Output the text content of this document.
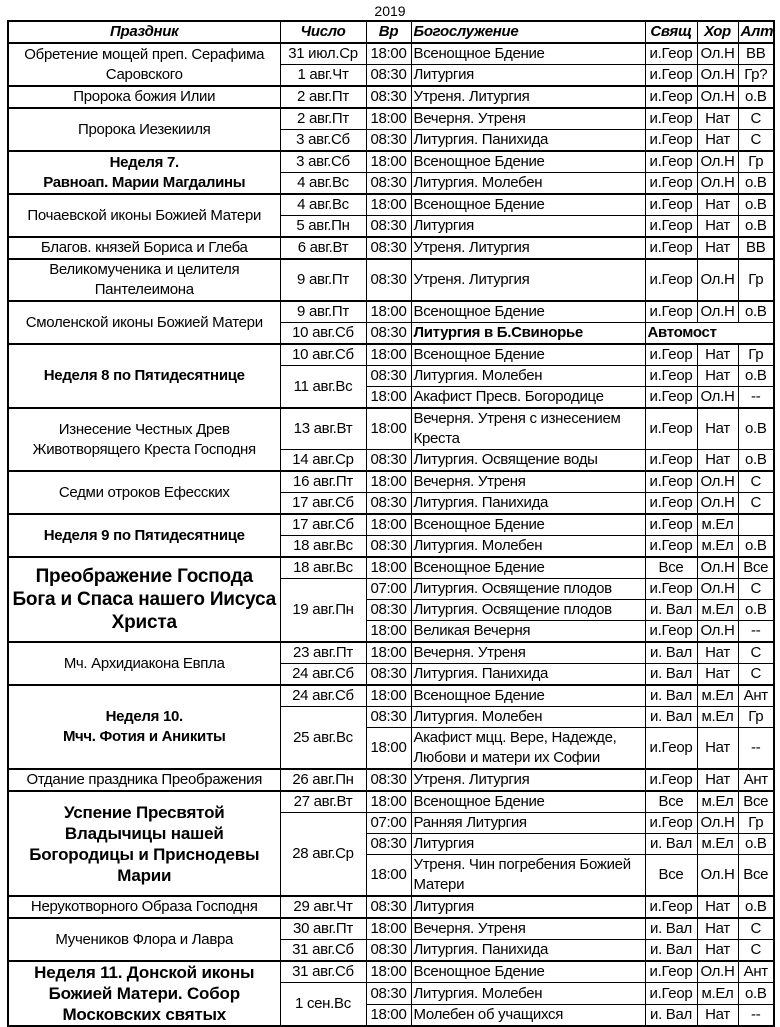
2019
Праздник	Число	Вр	Богослужение	Свящ	Хор	Алт

Обретение мощей преп. Серафима Саровского	31 июл.Ср	18:00	Всенощное Бдение	и.Геор	Ол.Н	ВВ
	1 авг.Чт	08:30	Литургия	и.Геор	Ол.Н	Гр?

Пророка божия Илии	2 авг.Пт	08:30	Утреня. Литургия	и.Геор	Ол.Н	о.В

Пророка Иезекииля	2 авг.Пт	18:00	Вечерня. Утреня	и.Геор	Нат	С
	3 авг.Сб	08:30	Литургия. Панихида	и.Геор	Нат	С

Неделя 7.
Равноап. Марии Магдалины	3 авг.Сб	18:00	Всенощное Бдение	и.Геор	Ол.Н	Гр
	4 авг.Вс	08:30	Литургия. Молебен	и.Геор	Ол.Н	о.В

Почаевской иконы Божией Матери	4 авг.Вс	18:00	Всенощное Бдение	и.Геор	Нат	о.В
	5 авг.Пн	08:30	Литургия	и.Геор	Нат	о.В

Благов. князей Бориса и Глеба	6 авг.Вт	08:30	Утреня. Литургия	и.Геор	Нат	ВВ

Великомученика и целителя
Пантелеимона	9 авг.Пт	08:30	Утреня. Литургия	и.Геор	Ол.Н	Гр

Смоленской иконы Божией Матери	9 авг.Пт	18:00	Всенощное Бдение	и.Геор	Ол.Н	о.В
	10 авг.Сб	08:30	Литургия в Б.Свинорье	Автомост		

Неделя 8 по Пятидесятнице	10 авг.Сб	18:00	Всенощное Бдение	и.Геор	Нат	Гр
	11 авг.Вс	08:30	Литургия. Молебен	и.Геор	Нат	о.В
		18:00	Акафист Пресв. Богородице	и.Геор	Ол.Н	--

Изнесение Честных Древ
Животворящего Креста Господня	13 авг.Вт	18:00	Вечерня. Утреня с изнесением Креста	и.Геор	Нат	о.В
	14 авг.Ср	08:30	Литургия. Освящение воды	и.Геор	Нат	о.В

Седми отроков Ефесских	16 авг.Пт	18:00	Вечерня. Утреня	и.Геор	Ол.Н	С
	17 авг.Сб	08:30	Литургия. Панихида	и.Геор	Ол.Н	С

Неделя 9 по Пятидесятнице	17 авг.Сб	18:00	Всенощное Бдение	и.Геор	м.Ел	
	18 авг.Вс	08:30	Литургия. Молебен	и.Геор	м.Ел	о.В

Преображение Господа
Бога и Спаса нашего Иисуса
Христа	18 авг.Вс	18:00	Всенощное Бдение	Все	Ол.Н	Все
	19 авг.Пн	07:00	Литургия. Освящение плодов	и.Геор	Ол.Н	С
		08:30	Литургия. Освящение плодов	и. Вал	м.Ел	о.В
		18:00	Великая Вечерня	и.Геор	Ол.Н	--

Мч. Архидиакона Евпла	23 авг.Пт	18:00	Вечерня. Утреня	и. Вал	Нат	С
	24 авг.Сб	08:30	Литургия. Панихида	и. Вал	Нат	С

Неделя 10.
Мчч. Фотия и Аникиты	24 авг.Сб	18:00	Всенощное Бдение	и. Вал	м.Ел	Ант
	25 авг.Вс	08:30	Литургия. Молебен	и. Вал	м.Ел	Гр
		18:00	Акафист мцц. Вере, Надежде, Любови и матери их Софии	и.Геор	Нат	--

Отдание праздника Преображения	26 авг.Пн	08:30	Утреня. Литургия	и.Геор	Нат	Ант

Успение Пресвятой
Владычицы нашей
Богородицы и Приснодевы
Марии	27 авг.Вт	18:00	Всенощное Бдение	Все	м.Ел	Все
	28 авг.Ср	07:00	Ранняя Литургия	и.Геор	Ол.Н	Гр
		08:30	Литургия	и. Вал	м.Ел	о.В
		18:00	Утреня. Чин погребения Божией Матери	Все	Ол.Н	Все

Нерукотворного Образа Господня	29 авг.Чт	08:30	Литургия	и.Геор	Нат	о.В

Мучеников Флора и Лавра	30 авг.Пт	18:00	Вечерня. Утреня	и. Вал	Нат	С
	31 авг.Сб	08:30	Литургия. Панихида	и. Вал	Нат	С

Неделя 11. Донской иконы
Божией Матери. Собор
Московских святых	31 авг.Сб	18:00	Всенощное Бдение	и.Геор	Ол.Н	Ант
	1 сен.Вс	08:30	Литургия. Молебен	и.Геор	м.Ел	о.В
		18:00	Молебен об учащихся	и. Вал	Нат	--
